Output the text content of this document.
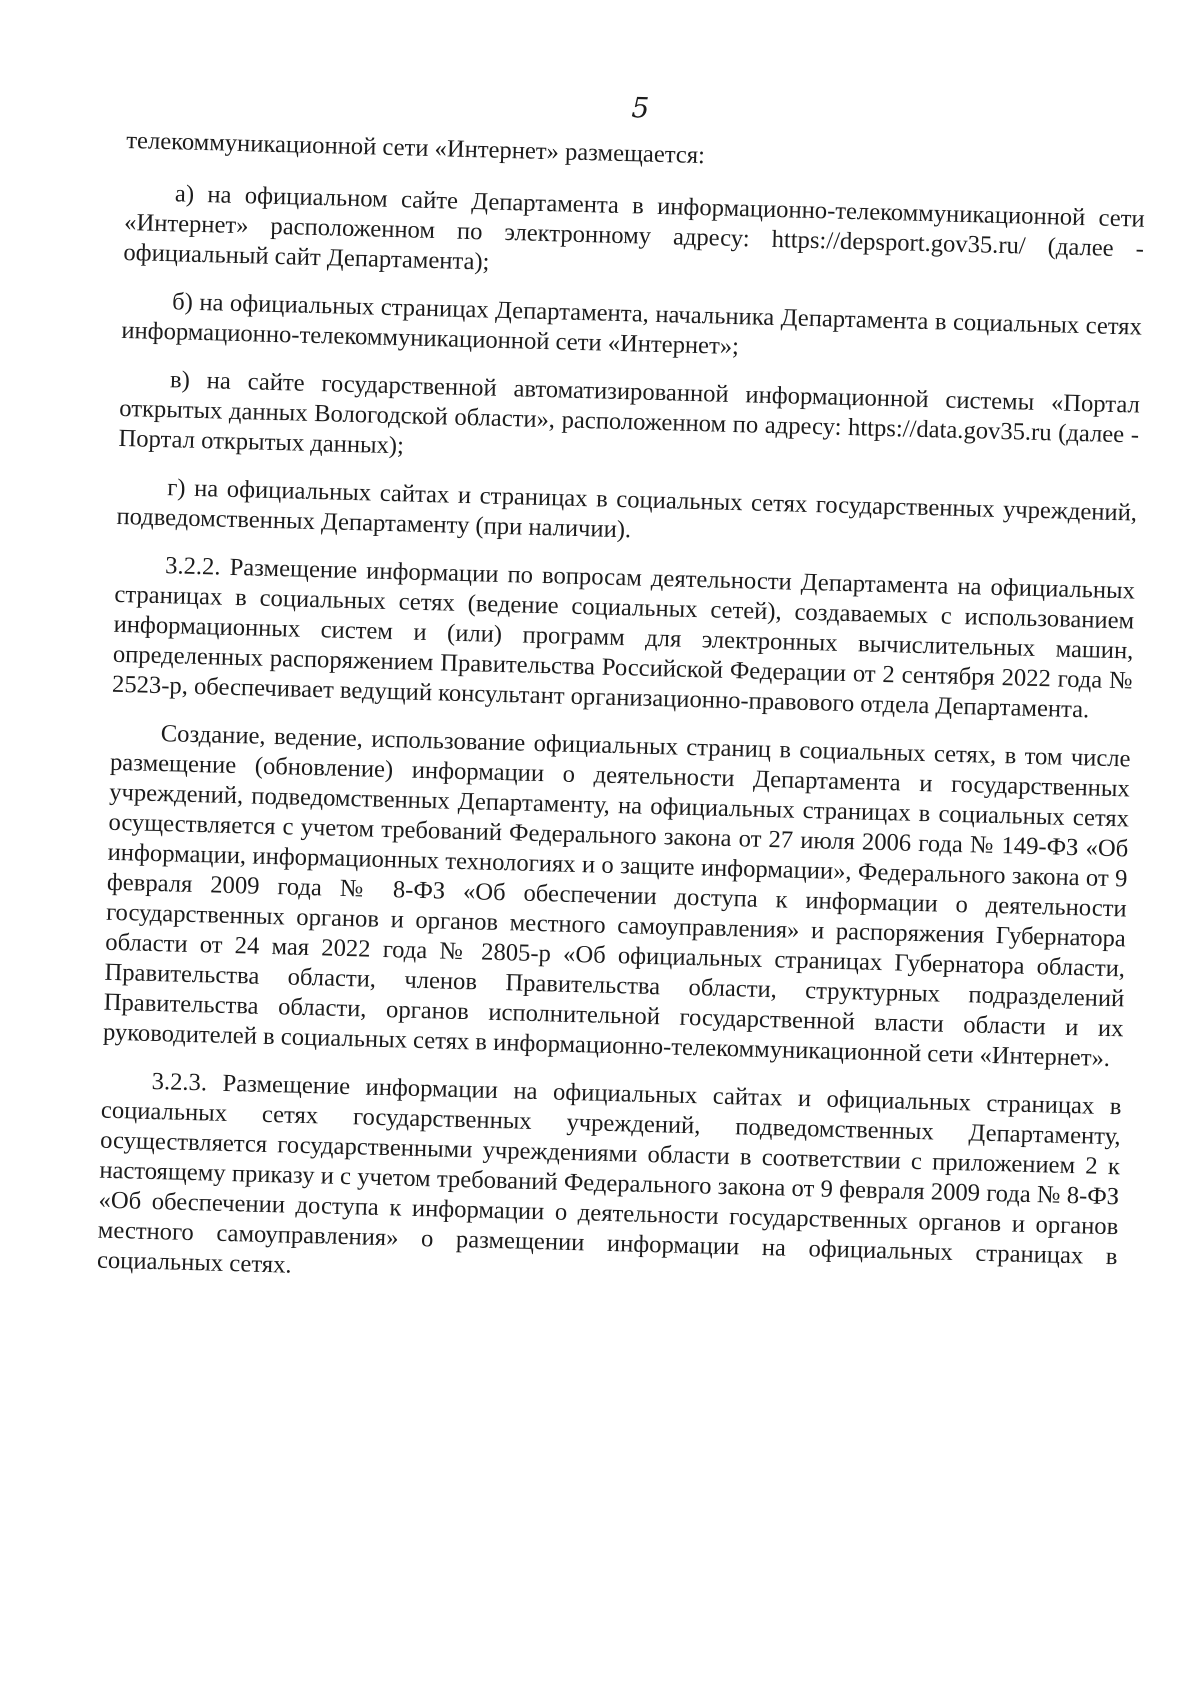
5

телекоммуникационной сети «Интернет» размещается:

а) на официальном сайте Департамента в информационно-телекоммуникационной сети «Интернет» расположенном по электронному адресу: https://depsport.gov35.ru/ (далее - официальный сайт Департамента);

б) на официальных страницах Департамента, начальника Департамента в социальных сетях информационно-телекоммуникационной сети «Интернет»;

в) на сайте государственной автоматизированной информационной системы «Портал открытых данных Вологодской области», расположенном по адресу: https://data.gov35.ru (далее - Портал открытых данных);

г) на официальных сайтах и страницах в социальных сетях государственных учреждений, подведомственных Департаменту (при наличии).

3.2.2. Размещение информации по вопросам деятельности Департамента на официальных страницах в социальных сетях (ведение социальных сетей), создаваемых с использованием информационных систем и (или) программ для электронных вычислительных машин, определенных распоряжением Правительства Российской Федерации от 2 сентября 2022 года № 2523-р, обеспечивает ведущий консультант организационно-правового отдела Департамента.

Создание, ведение, использование официальных страниц в социальных сетях, в том числе размещение (обновление) информации о деятельности Департамента и государственных учреждений, подведомственных Департаменту, на официальных страницах в социальных сетях осуществляется с учетом требований Федерального закона от 27 июля 2006 года № 149-ФЗ «Об информации, информационных технологиях и о защите информации», Федерального закона от 9 февраля 2009 года № 8-ФЗ «Об обеспечении доступа к информации о деятельности государственных органов и органов местного самоуправления» и распоряжения Губернатора области от 24 мая 2022 года № 2805-р «Об официальных страницах Губернатора области, Правительства области, членов Правительства области, структурных подразделений Правительства области, органов исполнительной государственной власти области и их руководителей в социальных сетях в информационно-телекоммуникационной сети «Интернет».

3.2.3. Размещение информации на официальных сайтах и официальных страницах в социальных сетях государственных учреждений, подведомственных Департаменту, осуществляется государственными учреждениями области в соответствии с приложением 2 к настоящему приказу и с учетом требований Федерального закона от 9 февраля 2009 года № 8-ФЗ «Об обеспечении доступа к информации о деятельности государственных органов и органов местного самоуправления» о размещении информации на официальных страницах в социальных сетях.
